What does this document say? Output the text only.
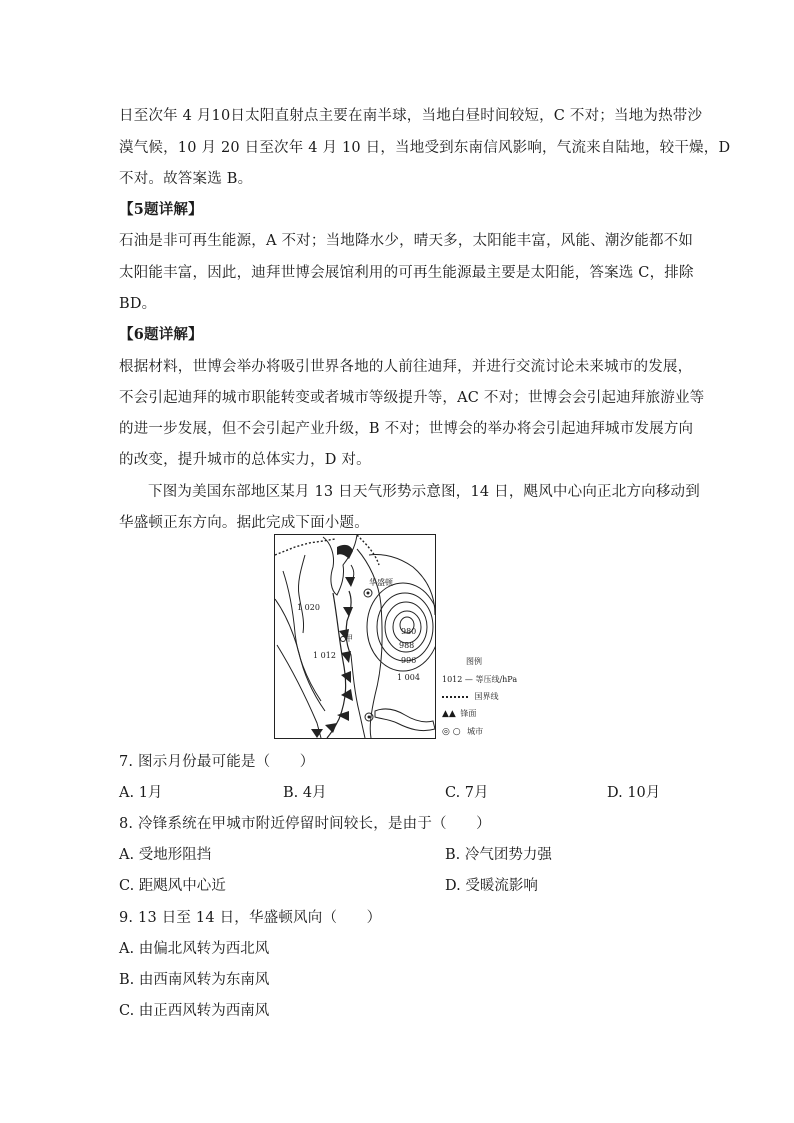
日至次年 4 月10日太阳直射点主要在南半球，当地白昼时间较短，C 不对；当地为热带沙
漠气候，10 月 20 日至次年 4 月 10 日，当地受到东南信风影响，气流来自陆地，较干燥，D
不对。故答案选 B。
【5题详解】
石油是非可再生能源，A 不对；当地降水少，晴天多，太阳能丰富，风能、潮汐能都不如
太阳能丰富，因此，迪拜世博会展馆利用的可再生能源最主要是太阳能，答案选 C，排除
BD。
【6题详解】
根据材料，世博会举办将吸引世界各地的人前往迪拜，并进行交流讨论未来城市的发展，
不会引起迪拜的城市职能转变或者城市等级提升等，AC 不对；世博会会引起迪拜旅游业等
的进一步发展，但不会引起产业升级，B 不对；世博会的举办将会引起迪拜城市发展方向
的改变，提升城市的总体实力，D 对。
下图为美国东部地区某月 13 日天气形势示意图，14 日，飓风中心向正北方向移动到
华盛顿正东方向。据此完成下面小题。
华盛顿
甲
1 020
1 012
1 004
980
988
996	图例
1012 — 等压线/hPa
国界线
▲▲ 锋面
◎ ○ 城市
7. 图示月份最可能是（　　）
A. 1月	B. 4月	C. 7月	D. 10月
8. 冷锋系统在甲城市附近停留时间较长，是由于（　　）
A. 受地形阻挡	B. 冷气团势力强
C. 距飓风中心近	D. 受暖流影响
9. 13 日至 14 日，华盛顿风向（　　）
A. 由偏北风转为西北风
B. 由西南风转为东南风
C. 由正西风转为西南风
